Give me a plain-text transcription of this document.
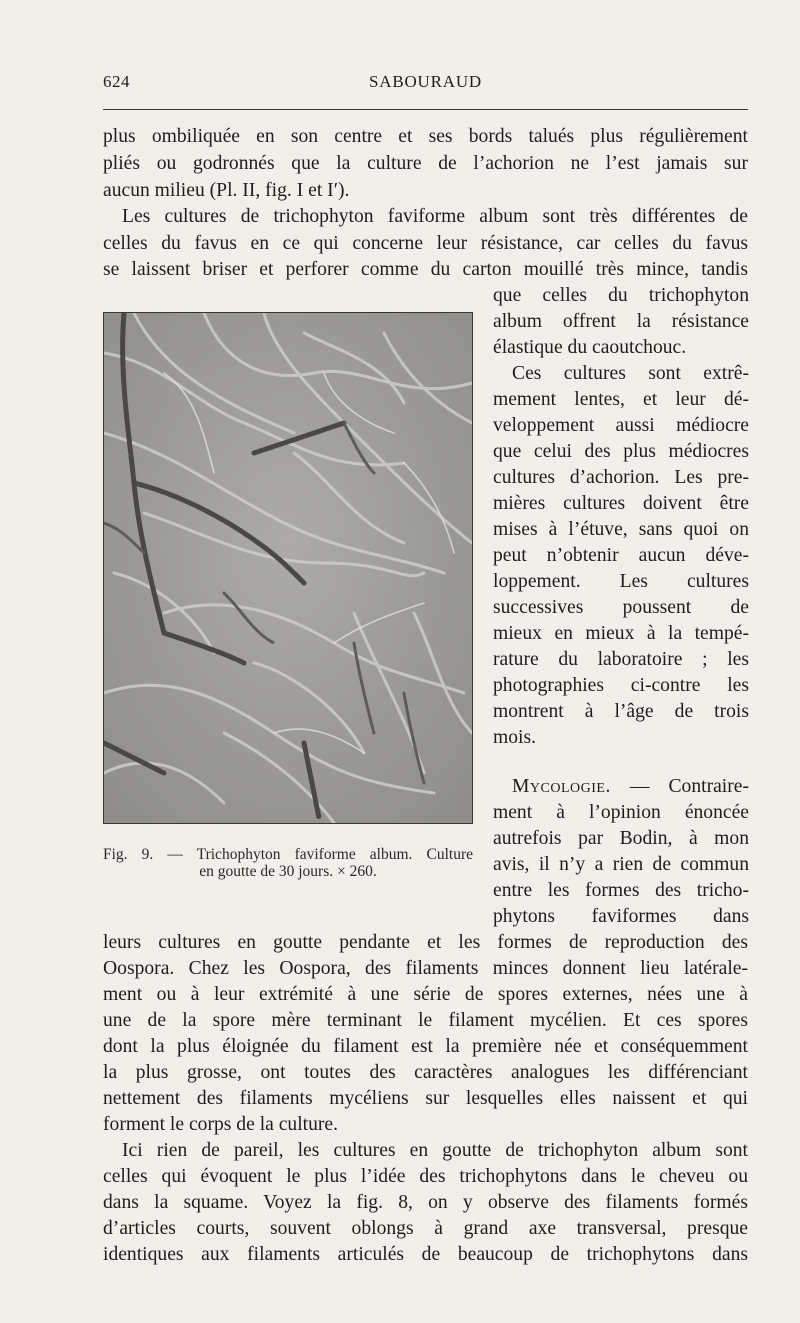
624	SABOURAUD
plus ombiliquée en son centre et ses bords talués plus régulièrement
pliés ou godronnés que la culture de l’achorion ne l’est jamais sur
aucun milieu (Pl. II, fig. I et I′).
Les cultures de trichophyton faviforme album sont très différentes de
celles du favus en ce qui concerne leur résistance, car celles du favus
se laissent briser et perforer comme du carton mouillé très mince, tandis
que celles du trichophyton
album offrent la résistance
élastique du caoutchouc.
Ces cultures sont extrê-
mement lentes, et leur dé-
veloppement aussi médiocre
que celui des plus médiocres
cultures d’achorion. Les pre-
mières cultures doivent être
mises à l’étuve, sans quoi on
peut n’obtenir aucun déve-
loppement. Les cultures
successives poussent de
mieux en mieux à la tempé-
rature du laboratoire ; les
photographies ci-contre les
montrent à l’âge de trois
mois.
Mycologie. — Contraire-
ment à l’opinion énoncée
autrefois par Bodin, à mon
avis, il n’y a rien de commun
entre les formes des tricho-
phytons faviformes dans
leurs cultures en goutte pendante et les formes de reproduction des
Oospora. Chez les Oospora, des filaments minces donnent lieu latérale-
ment ou à leur extrémité à une série de spores externes, nées une à
une de la spore mère terminant le filament mycélien. Et ces spores
dont la plus éloignée du filament est la première née et conséquemment
la plus grosse, ont toutes des caractères analogues les différenciant
nettement des filaments mycéliens sur lesquelles elles naissent et qui
forment le corps de la culture.
Ici rien de pareil, les cultures en goutte de trichophyton album sont
celles qui évoquent le plus l’idée des trichophytons dans le cheveu ou
dans la squame. Voyez la fig. 8, on y observe des filaments formés
d’articles courts, souvent oblongs à grand axe transversal, presque
identiques aux filaments articulés de beaucoup de trichophytons dans
Fig. 9. — Trichophyton faviforme album. Culture
en goutte de 30 jours. × 260.
